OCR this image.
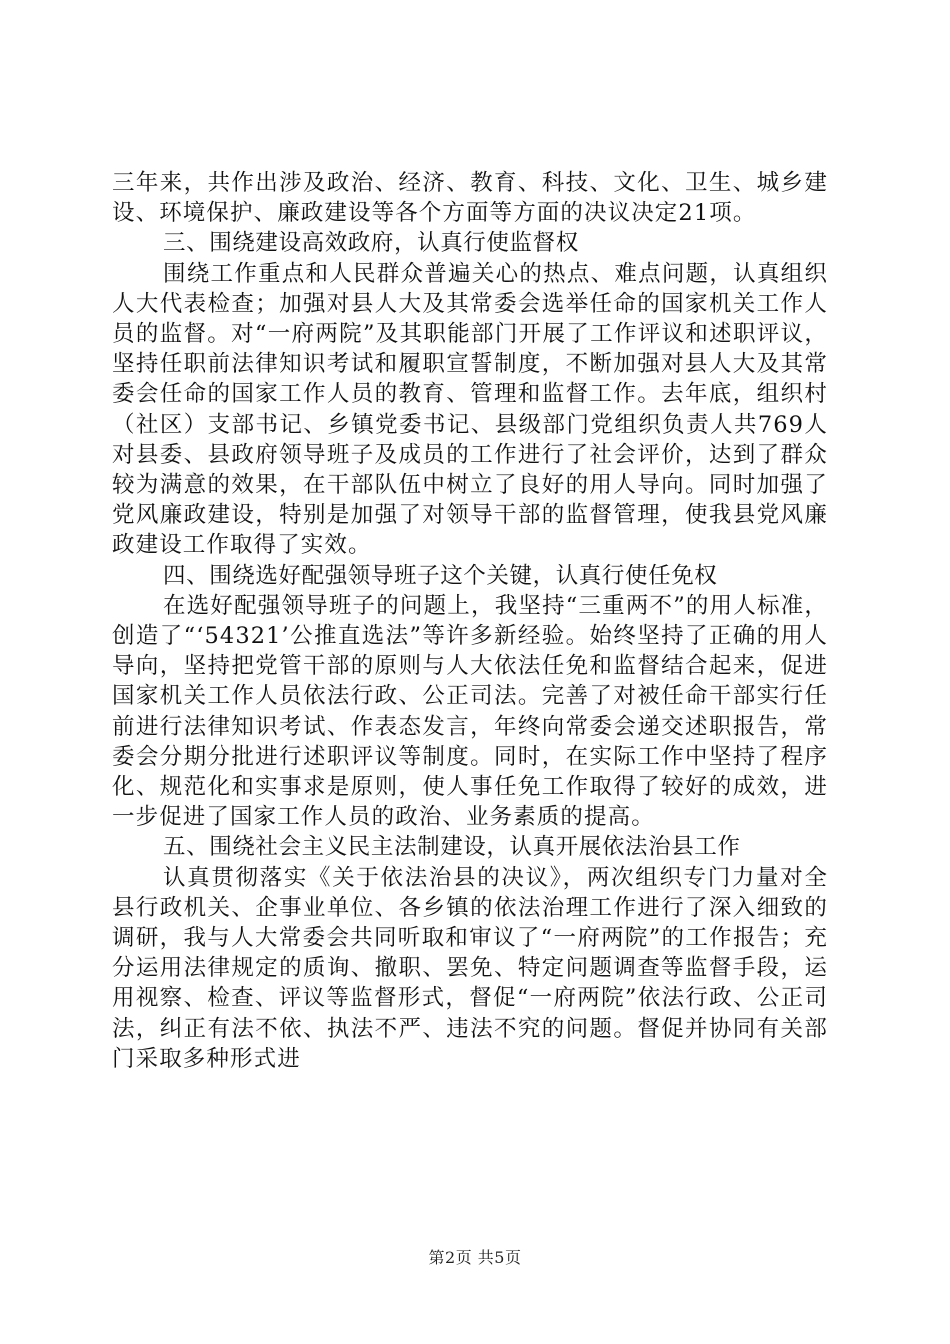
三年来，共作出涉及政治、经济、教育、科技、文化、卫生、城乡建设、环境保护、廉政建设等各个方面等方面的决议决定21项。

三、围绕建设高效政府，认真行使监督权

围绕工作重点和人民群众普遍关心的热点、难点问题，认真组织人大代表检查；加强对县人大及其常委会选举任命的国家机关工作人员的监督。对“一府两院”及其职能部门开展了工作评议和述职评议，坚持任职前法律知识考试和履职宣誓制度，不断加强对县人大及其常委会任命的国家工作人员的教育、管理和监督工作。去年底，组织村（社区）支部书记、乡镇党委书记、县级部门党组织负责人共769人对县委、县政府领导班子及成员的工作进行了社会评价，达到了群众较为满意的效果，在干部队伍中树立了良好的用人导向。同时加强了党风廉政建设，特别是加强了对领导干部的监督管理，使我县党风廉政建设工作取得了实效。

四、围绕选好配强领导班子这个关键，认真行使任免权

在选好配强领导班子的问题上，我坚持“三重两不”的用人标准，创造了“‘54321’公推直选法”等许多新经验。始终坚持了正确的用人导向，坚持把党管干部的原则与人大依法任免和监督结合起来，促进国家机关工作人员依法行政、公正司法。完善了对被任命干部实行任前进行法律知识考试、作表态发言，年终向常委会递交述职报告，常委会分期分批进行述职评议等制度。同时，在实际工作中坚持了程序化、规范化和实事求是原则，使人事任免工作取得了较好的成效，进一步促进了国家工作人员的政治、业务素质的提高。

五、围绕社会主义民主法制建设，认真开展依法治县工作

认真贯彻落实《关于依法治县的决议》，两次组织专门力量对全县行政机关、企事业单位、各乡镇的依法治理工作进行了深入细致的调研，我与人大常委会共同听取和审议了“一府两院”的工作报告；充分运用法律规定的质询、撤职、罢免、特定问题调查等监督手段，运用视察、检查、评议等监督形式，督促“一府两院”依法行政、公正司法，纠正有法不依、执法不严、违法不究的问题。督促并协同有关部门采取多种形式进

第2页 共5页
